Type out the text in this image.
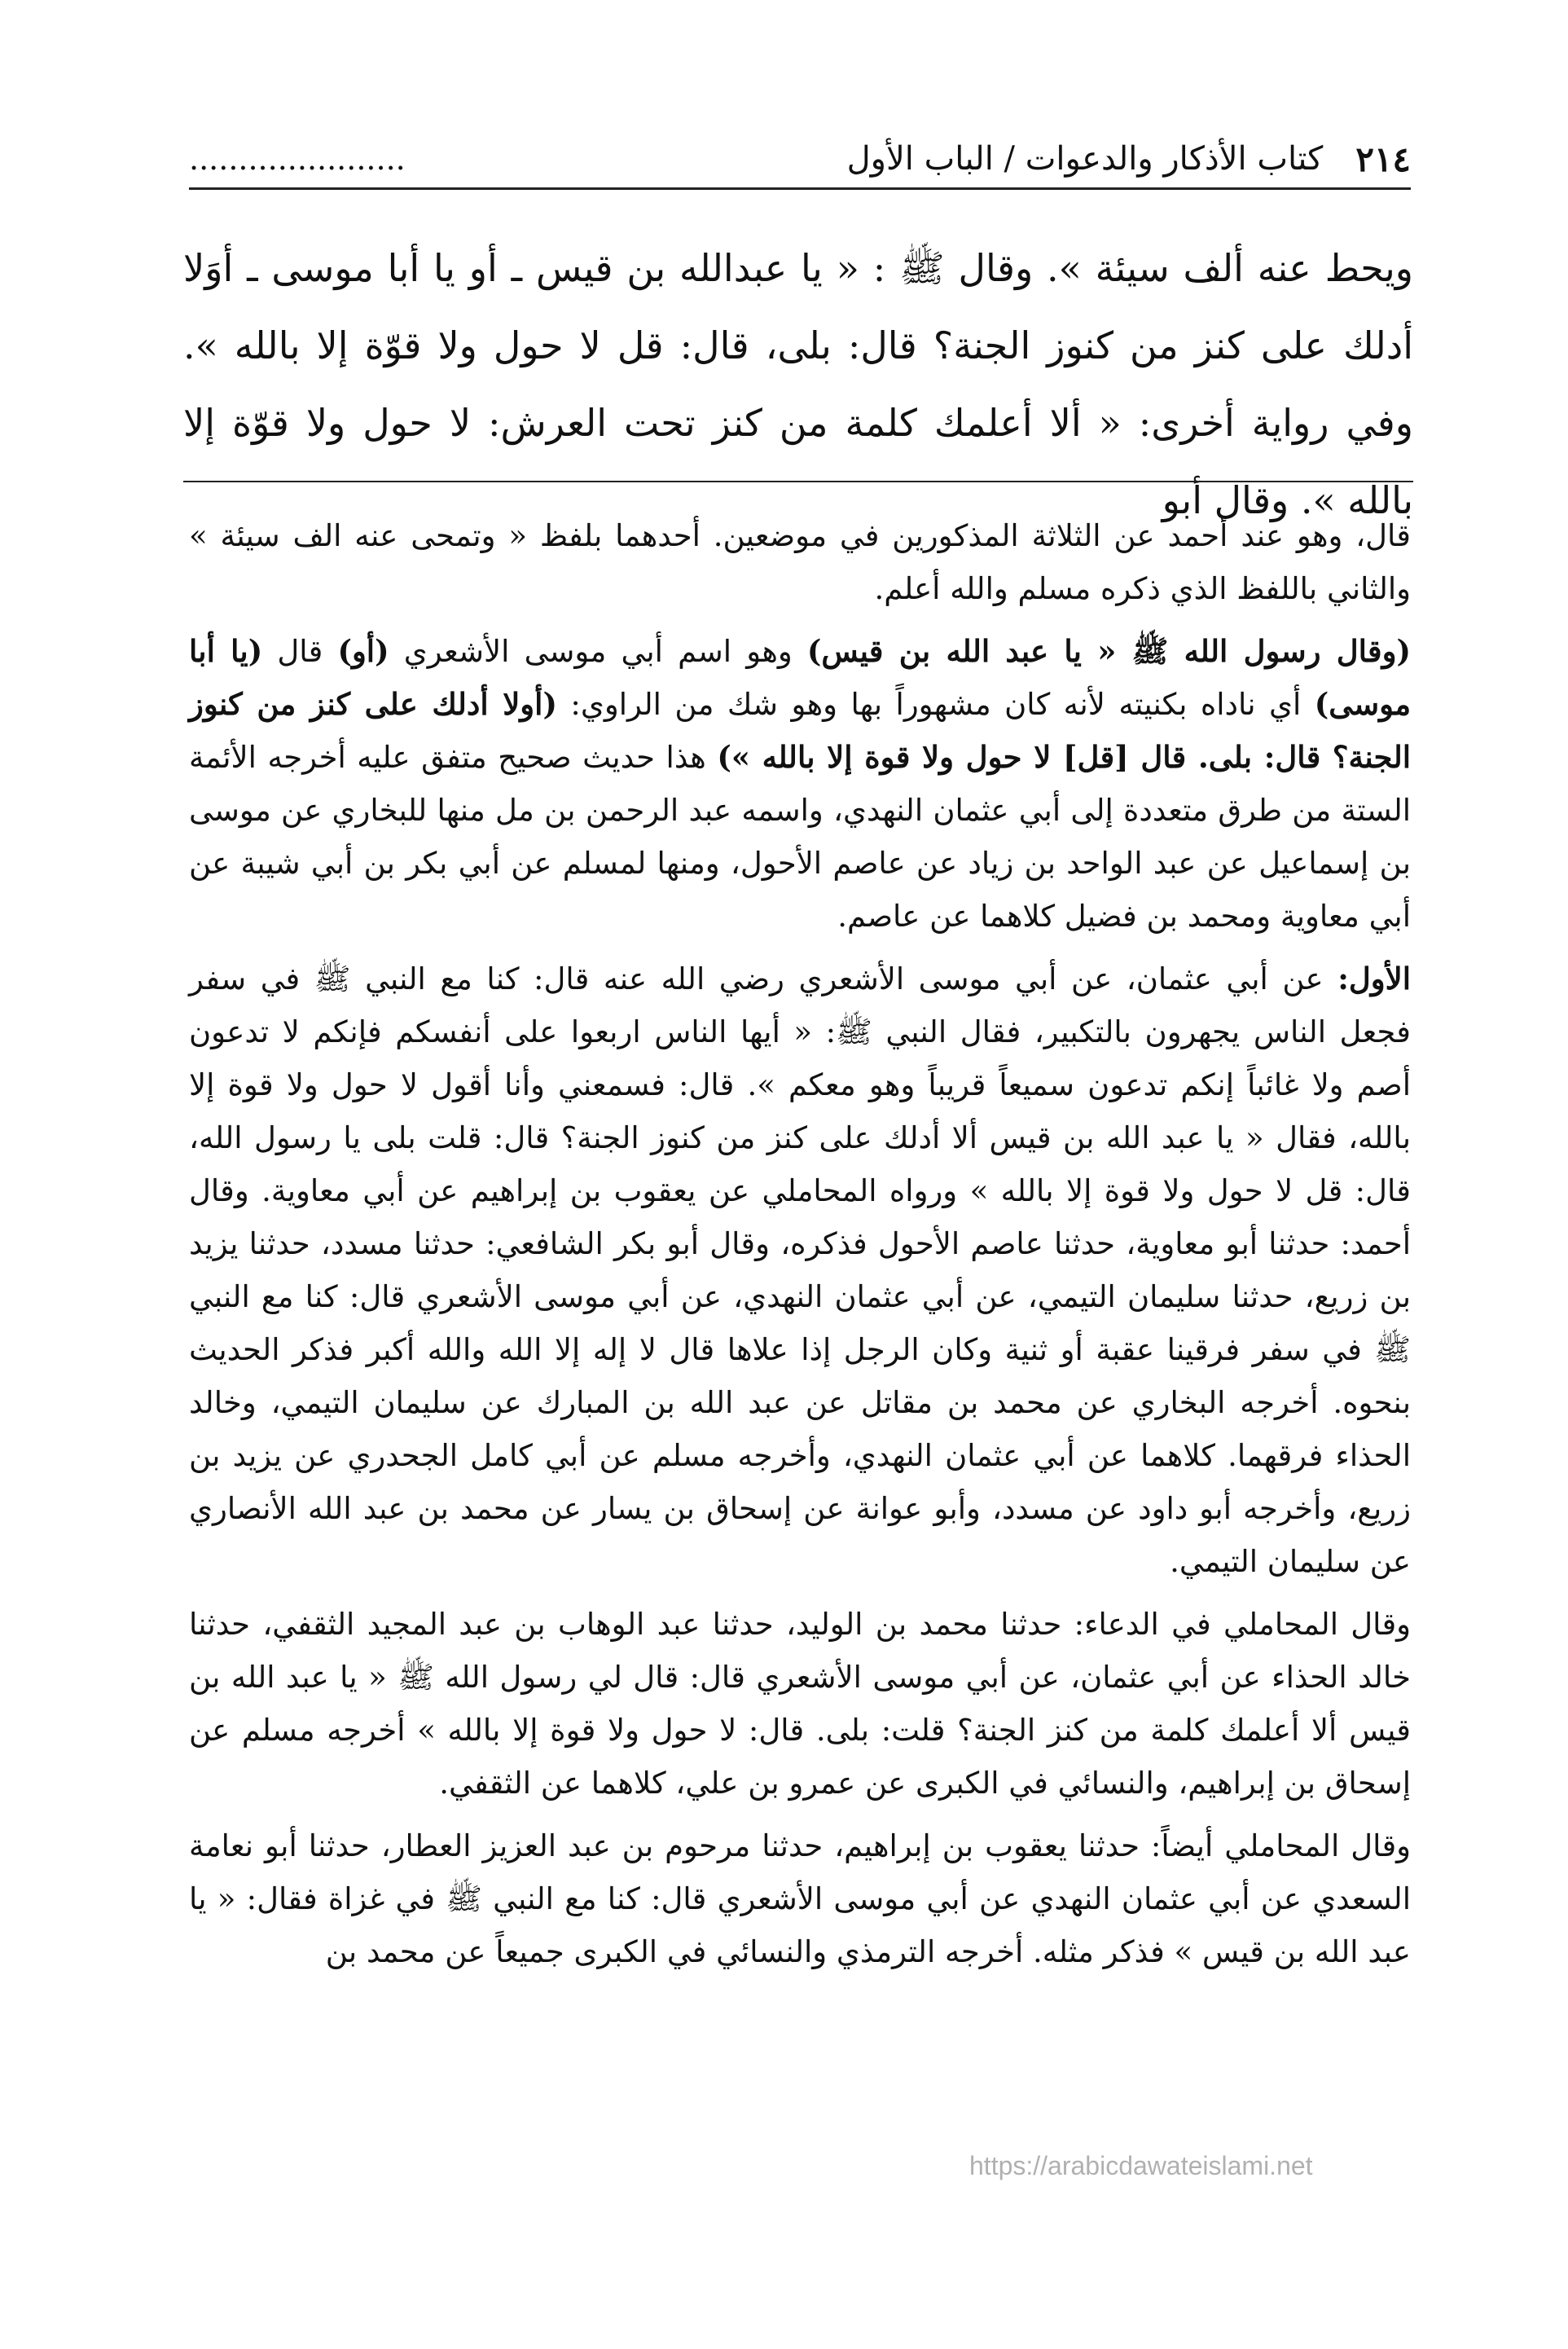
٢١٤
كتاب الأذكار والدعوات / الباب الأول
......................

ويحط عنه ألف سيئة ». وقال ﷺ : « يا عبدالله بن قيس ـ أو يا أبا موسى ـ أوَلا أدلك على كنز من كنوز الجنة؟ قال: بلى، قال: قل لا حول ولا قوّة إلا بالله ». وفي رواية أخرى: « ألا أعلمك كلمة من كنز تحت العرش: لا حول ولا قوّة إلا بالله ». وقال أبو

قال، وهو عند أحمد عن الثلاثة المذكورين في موضعين. أحدهما بلفظ « وتمحى عنه الف سيئة » والثاني باللفظ الذي ذكره مسلم والله أعلم.

(وقال رسول الله ﷺ « يا عبد الله بن قيس) وهو اسم أبي موسى الأشعري (أو) قال (يا أبا موسى) أي ناداه بكنيته لأنه كان مشهوراً بها وهو شك من الراوي: (أولا أدلك على كنز من كنوز الجنة؟ قال: بلى. قال [قل] لا حول ولا قوة إلا بالله ») هذا حديث صحيح متفق عليه أخرجه الأئمة الستة من طرق متعددة إلى أبي عثمان النهدي، واسمه عبد الرحمن بن مل منها للبخاري عن موسى بن إسماعيل عن عبد الواحد بن زياد عن عاصم الأحول، ومنها لمسلم عن أبي بكر بن أبي شيبة عن أبي معاوية ومحمد بن فضيل كلاهما عن عاصم.

الأول: عن أبي عثمان، عن أبي موسى الأشعري رضي الله عنه قال: كنا مع النبي ﷺ في سفر فجعل الناس يجهرون بالتكبير، فقال النبي ﷺ: « أيها الناس اربعوا على أنفسكم فإنكم لا تدعون أصم ولا غائباً إنكم تدعون سميعاً قريباً وهو معكم ». قال: فسمعني وأنا أقول لا حول ولا قوة إلا بالله، فقال « يا عبد الله بن قيس ألا أدلك على كنز من كنوز الجنة؟ قال: قلت بلى يا رسول الله، قال: قل لا حول ولا قوة إلا بالله » ورواه المحاملي عن يعقوب بن إبراهيم عن أبي معاوية. وقال أحمد: حدثنا أبو معاوية، حدثنا عاصم الأحول فذكره، وقال أبو بكر الشافعي: حدثنا مسدد، حدثنا يزيد بن زريع، حدثنا سليمان التيمي، عن أبي عثمان النهدي، عن أبي موسى الأشعري قال: كنا مع النبي ﷺ في سفر فرقينا عقبة أو ثنية وكان الرجل إذا علاها قال لا إله إلا الله والله أكبر فذكر الحديث بنحوه. أخرجه البخاري عن محمد بن مقاتل عن عبد الله بن المبارك عن سليمان التيمي، وخالد الحذاء فرقهما. كلاهما عن أبي عثمان النهدي، وأخرجه مسلم عن أبي كامل الجحدري عن يزيد بن زريع، وأخرجه أبو داود عن مسدد، وأبو عوانة عن إسحاق بن يسار عن محمد بن عبد الله الأنصاري عن سليمان التيمي.

وقال المحاملي في الدعاء: حدثنا محمد بن الوليد، حدثنا عبد الوهاب بن عبد المجيد الثقفي، حدثنا خالد الحذاء عن أبي عثمان، عن أبي موسى الأشعري قال: قال لي رسول الله ﷺ « يا عبد الله بن قيس ألا أعلمك كلمة من كنز الجنة؟ قلت: بلى. قال: لا حول ولا قوة إلا بالله » أخرجه مسلم عن إسحاق بن إبراهيم، والنسائي في الكبرى عن عمرو بن علي، كلاهما عن الثقفي.

وقال المحاملي أيضاً: حدثنا يعقوب بن إبراهيم، حدثنا مرحوم بن عبد العزيز العطار، حدثنا أبو نعامة السعدي عن أبي عثمان النهدي عن أبي موسى الأشعري قال: كنا مع النبي ﷺ في غزاة فقال: « يا عبد الله بن قيس » فذكر مثله. أخرجه الترمذي والنسائي في الكبرى جميعاً عن محمد بن

https://arabicdawateislami.net
